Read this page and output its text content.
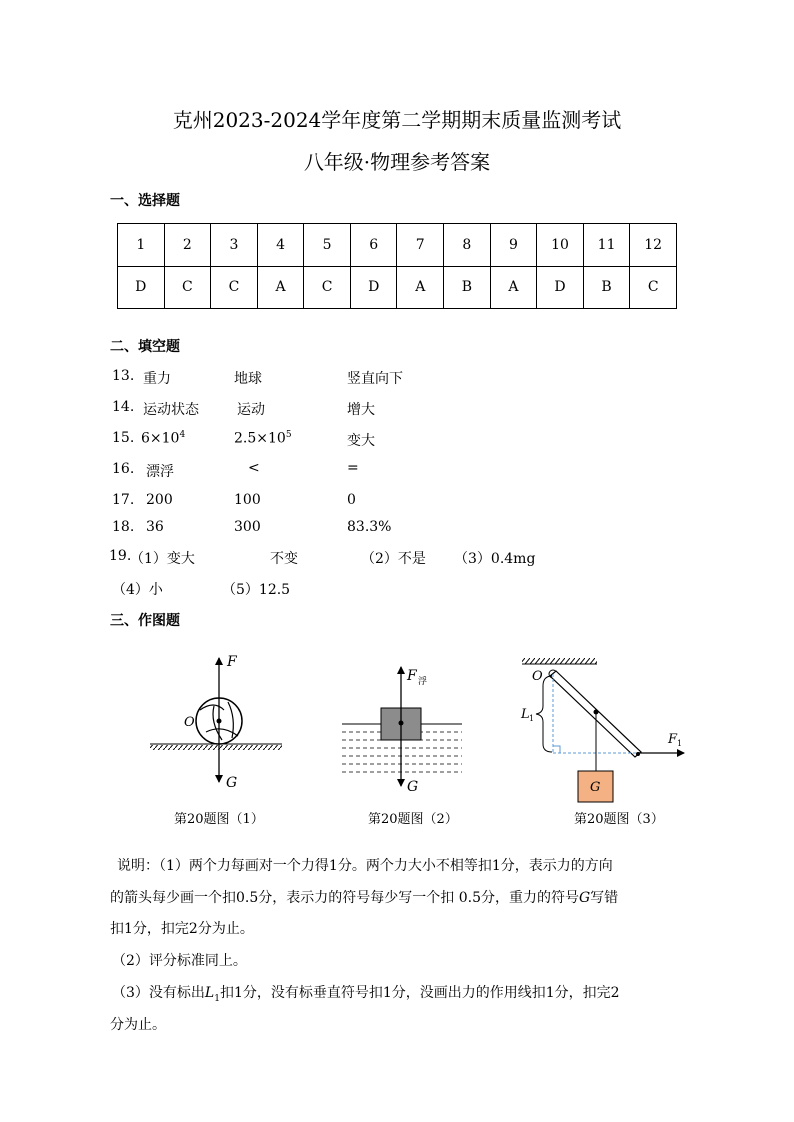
克州2023-2024学年度第二学期期末质量监测考试
八年级·物理参考答案
一、选择题
1	2	3	4	5	6	7	8	9	10	11	12
D	C	C	A	C	D	A	B	A	D	B	C
二、填空题
13. 重力	地球	竖直向下
14. 运动状态	运动	增大
15. $6\times 10^4$	$2.5\times 10^5$	变大
16. 漂浮	<	=
17. 200	100	0
18. 36	300	83.3%
19.
（1）变大	不变	（2）不是 （3）0.4mg
（4）小	（5）12.5
三、作图题
F
G
O
F 浮
G	G
O
L 1
F 1
第20题图（1）	第20题图（2）	第20题图（3）
说明：（1）两个力每画对一个力得1分。两个力大小不相等扣1分，表示力的方向
的箭头每少画一个扣0.5分，表示力的符号每少写一个扣 0.5分，重力的符号G写错
扣1分，扣完2分为止。
（2）评分标准同上。
（3）没有标出$L_1$扣1分，没有标垂直符号扣1分，没画出力的作用线扣1分，扣完2
分为止。
